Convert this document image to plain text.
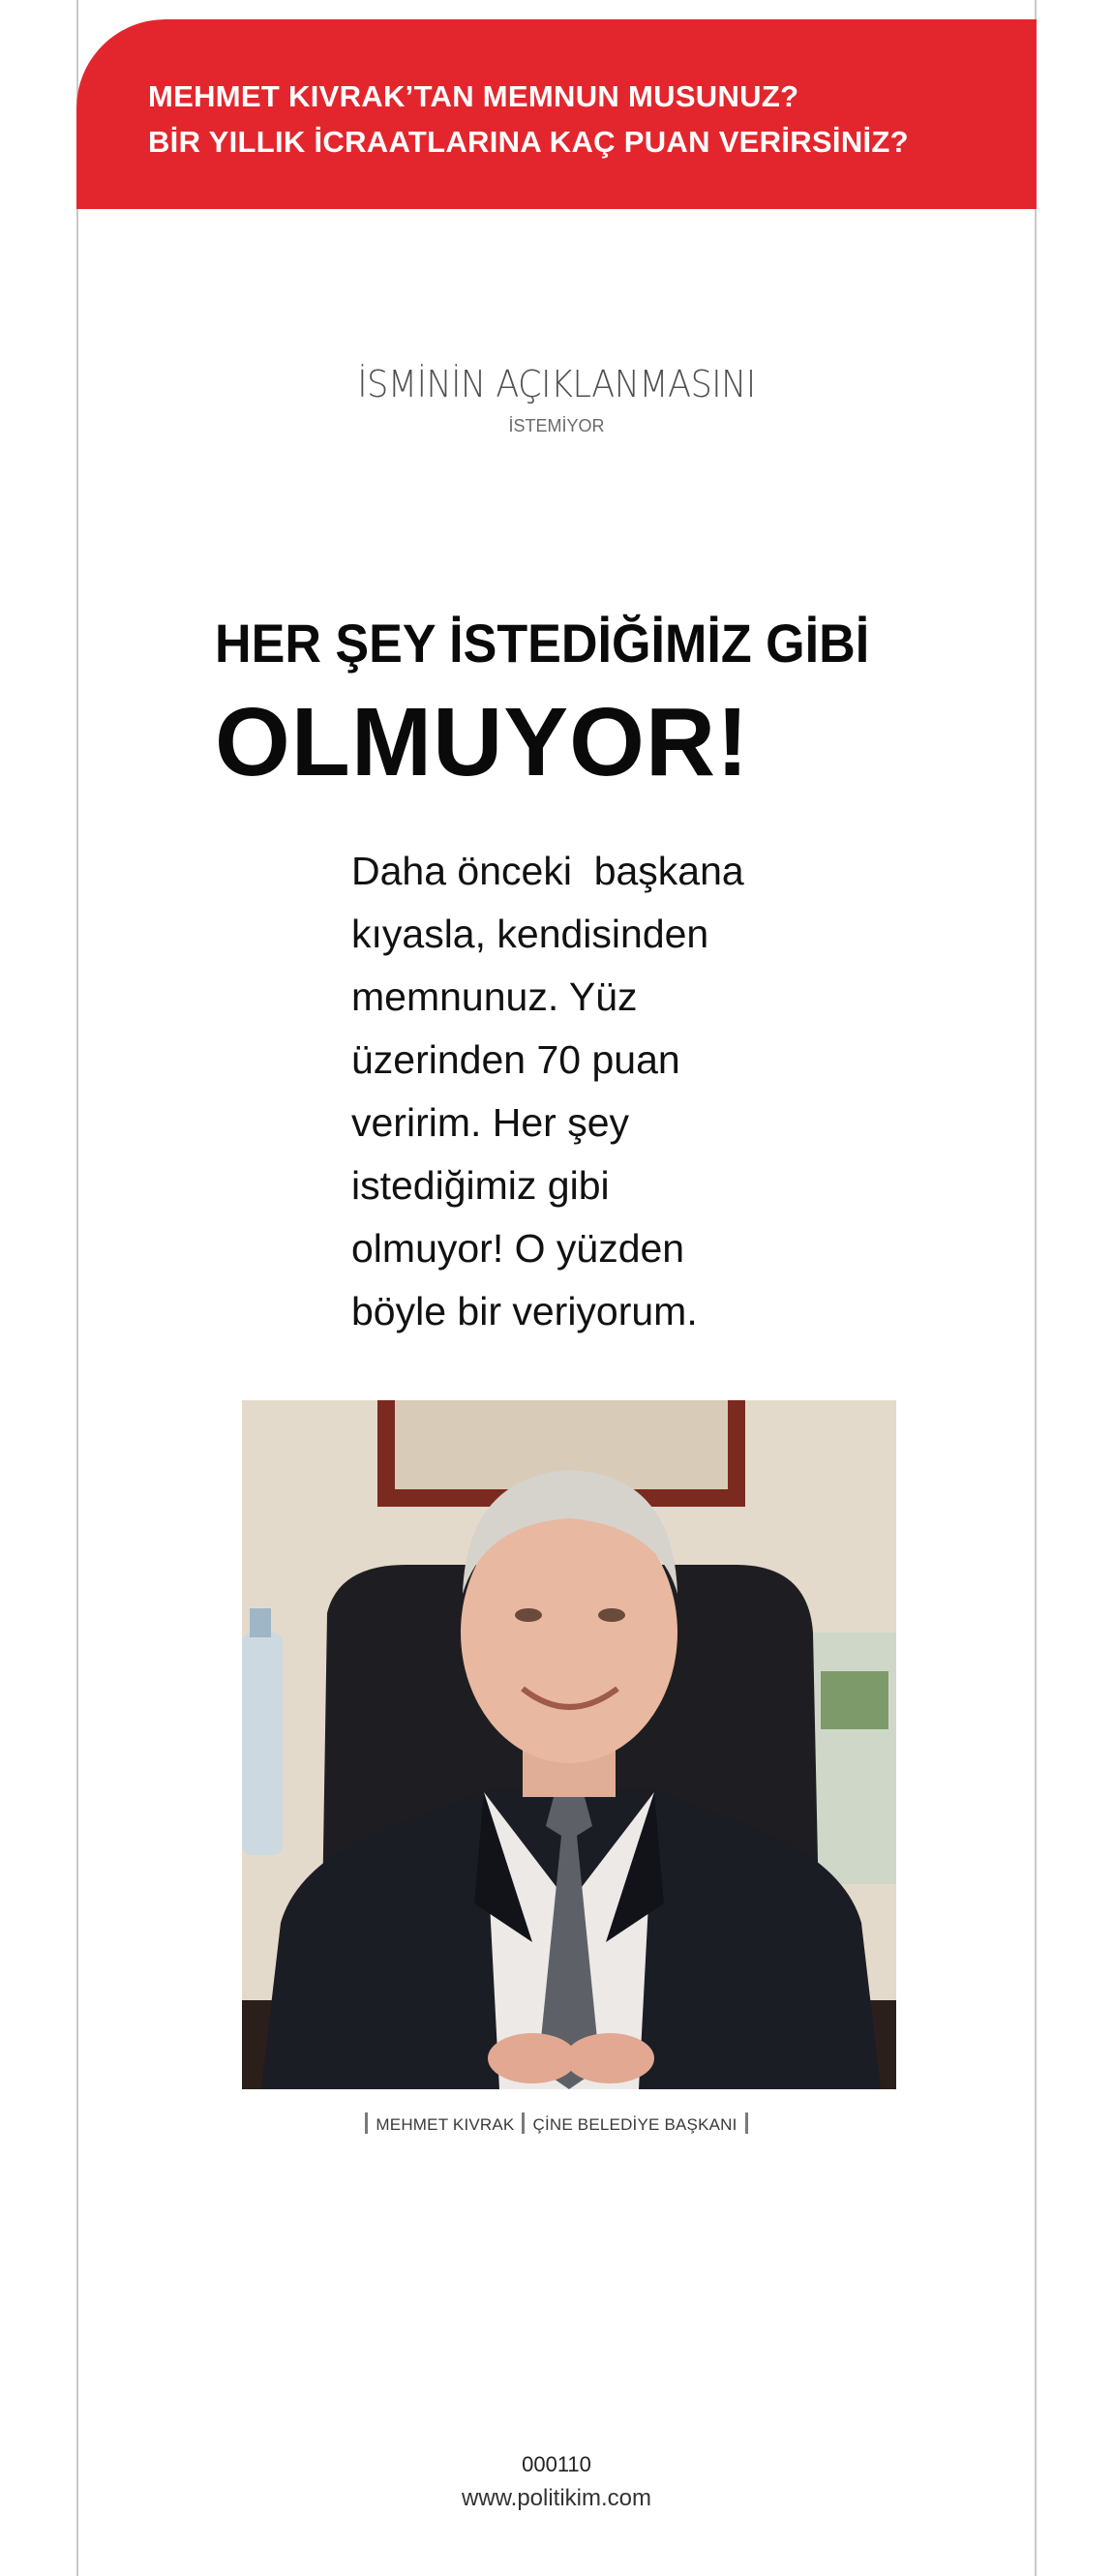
MEHMET KIVRAK’TAN MEMNUN MUSUNUZ?
BİR YILLIK İCRAATLARINA KAÇ PUAN VERİRSİNİZ?
İSMİNİN AÇIKLANMASINI
İSTEMİYOR
HER ŞEY İSTEDİĞİMİZ GİBİ
OLMUYOR!
Daha önceki  başkana
kıyasla, kendisinden
memnunuz. Yüz
üzerinden 70 puan
veririm. Her şey
istediğimiz gibi
olmuyor! O yüzden
böyle bir veriyorum.
MEHMET KIVRAK ÇİNE BELEDİYE BAŞKANI
000110
www.politikim.com
